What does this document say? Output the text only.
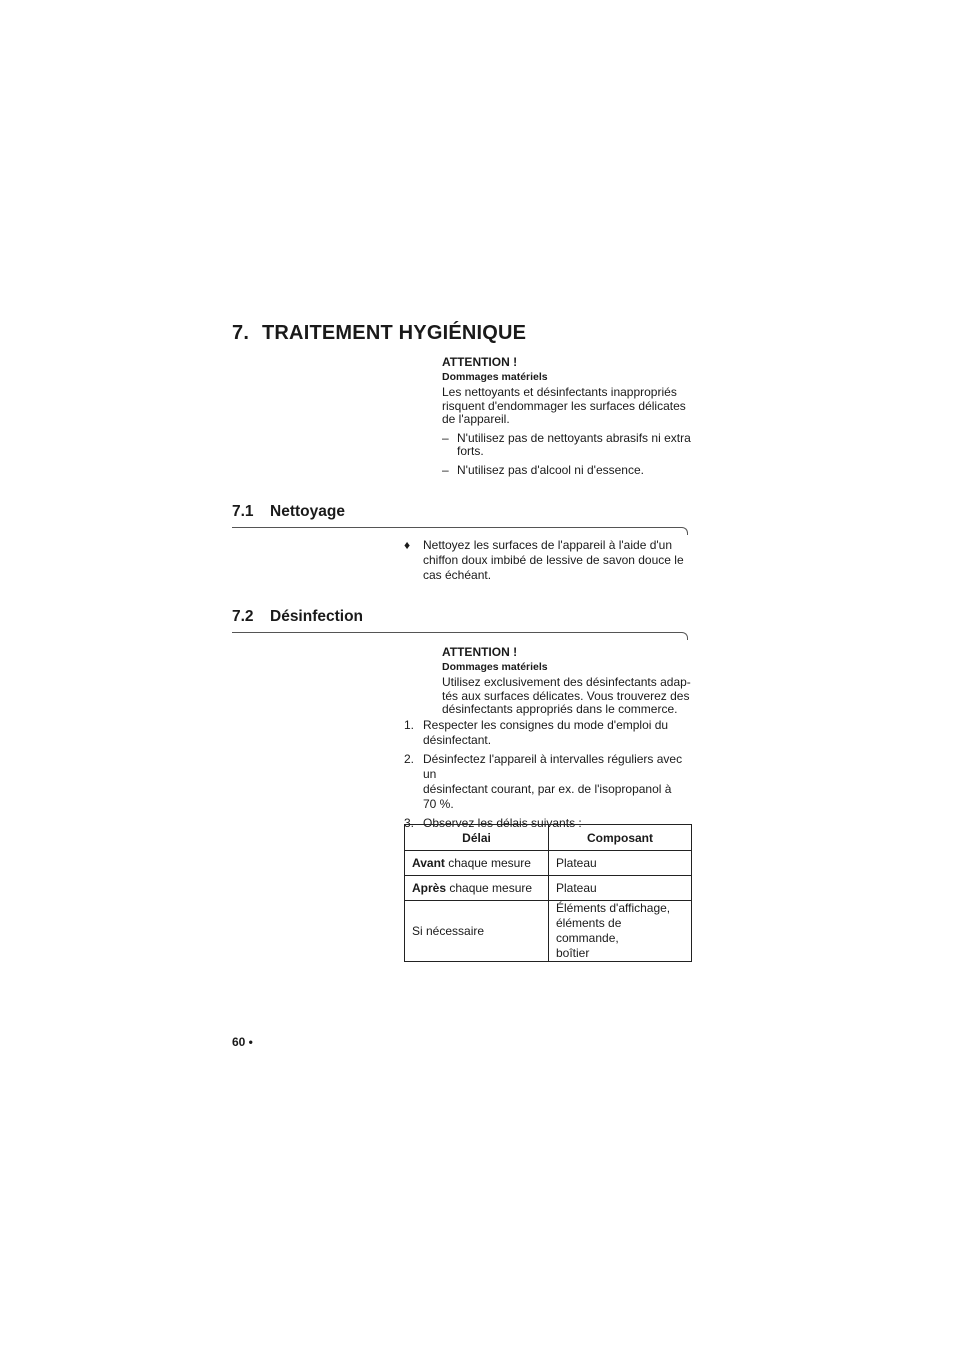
7. TRAITEMENT HYGIÉNIQUE
ATTENTION !
Dommages matériels
Les nettoyants et désinfectants inappropriés
risquent d'endommager les surfaces délicates
de l'appareil.
– N'utilisez pas de nettoyants abrasifs ni extra
forts.
– N'utilisez pas d'alcool ni d'essence.
7.1 Nettoyage
♦ Nettoyez les surfaces de l'appareil à l'aide d'un
chiffon doux imbibé de lessive de savon douce le
cas échéant.
7.2 Désinfection
ATTENTION !
Dommages matériels
Utilisez exclusivement des désinfectants adap-
tés aux surfaces délicates. Vous trouverez des
désinfectants appropriés dans le commerce.
1. Respecter les consignes du mode d'emploi du
désinfectant.
2. Désinfectez l'appareil à intervalles réguliers avec un
désinfectant courant, par ex. de l'isopropanol à
70 %.
3. Observez les délais suivants :
Délai	Composant
Avant chaque mesure	Plateau

Après chaque mesure	Plateau

Si nécessaire	Éléments d'affichage,
éléments de commande,
boîtier
60 •
